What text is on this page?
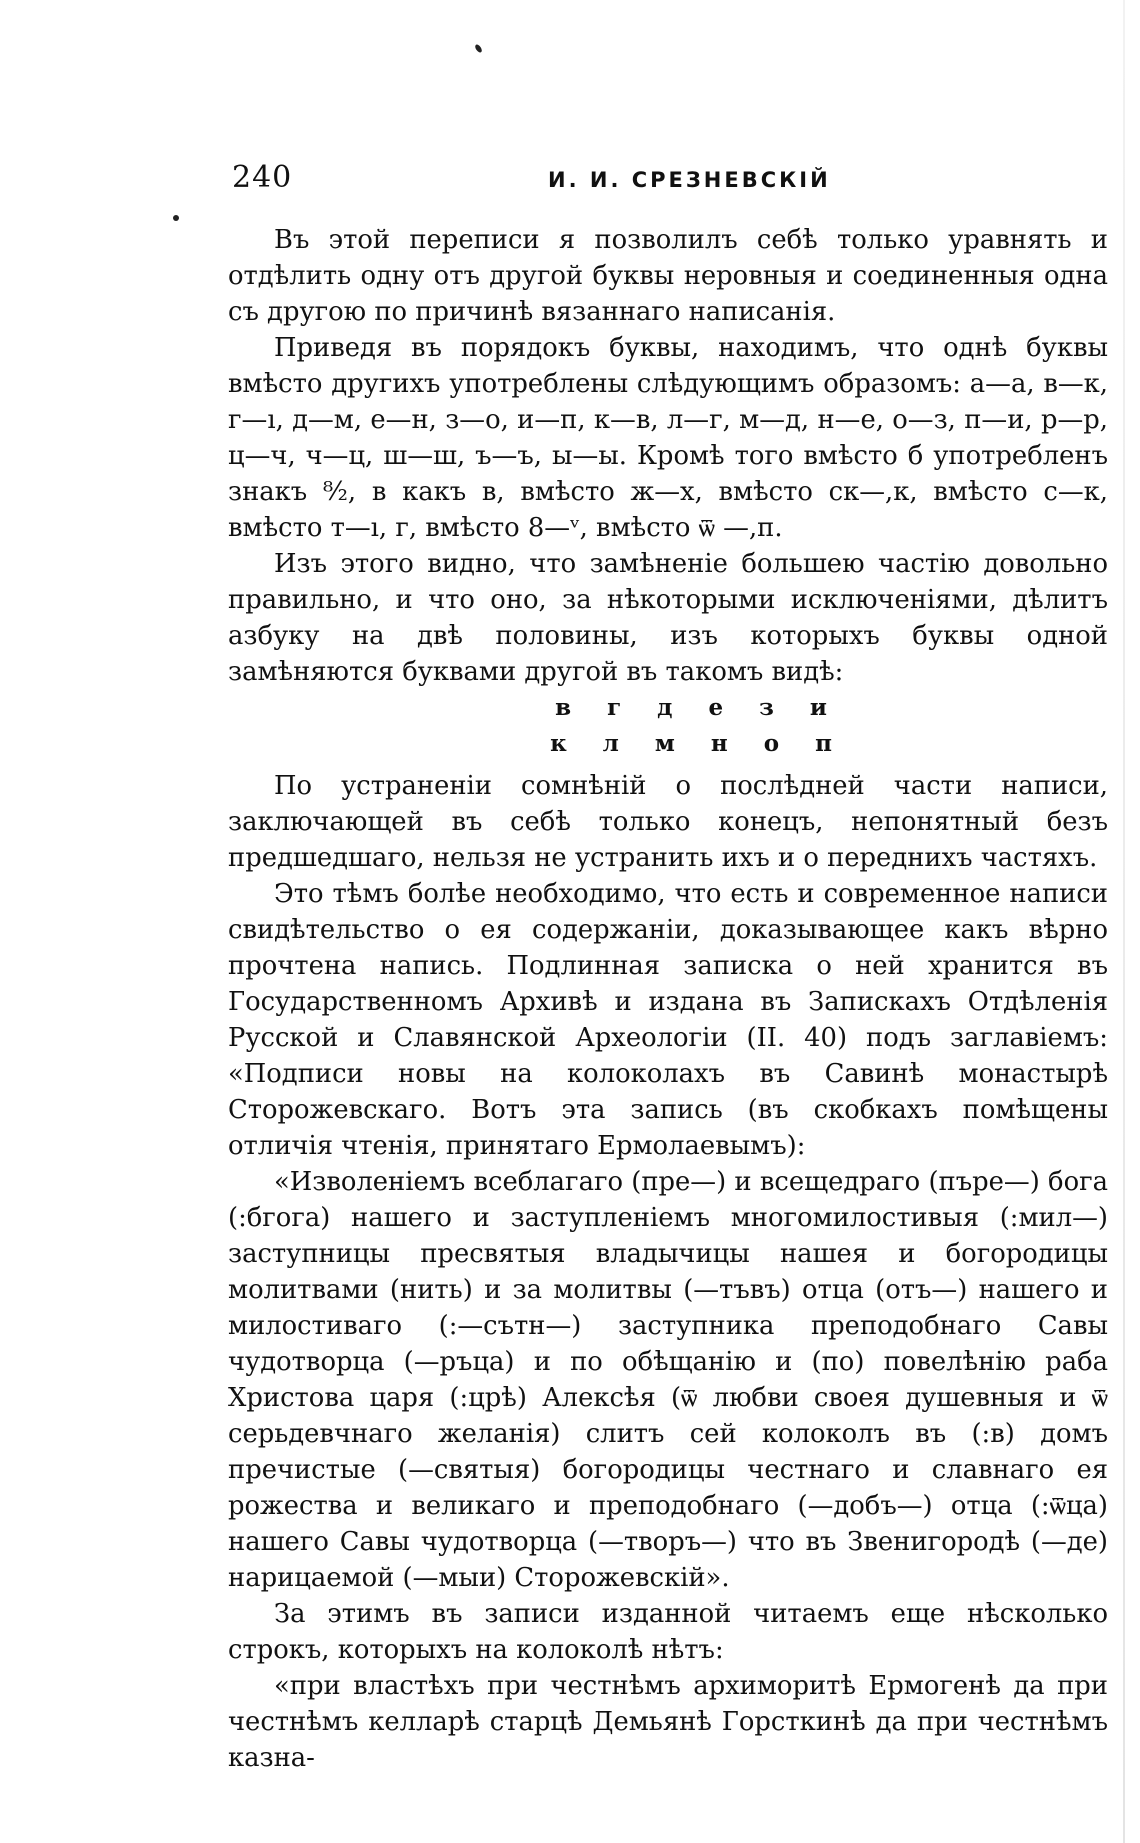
240	И. И. СРЕЗНЕВСКІЙ

Въ этой переписи я позволилъ себѣ только уравнять и отдѣлить одну отъ другой буквы неровныя и соединенныя одна съ другою по причинѣ вязаннаго написанія.

Приведя въ порядокъ буквы, находимъ, что однѣ буквы вмѣсто другихъ употреблены слѣдующимъ образомъ: а—а, в—к, г—ı, д—м, е—н, з—о, и—п, к—в, л—г, м—д, н—е, о—з, п—и, р—р, ц—ч, ч—ц, ш—ш, ъ—ъ, ы—ы. Кромѣ того вмѣсто б употребленъ знакъ ⁸⁄₂, в какъ в, вмѣсто ж—х, вмѣсто ск—,к, вмѣсто с—к, вмѣсто т—ı, г, вмѣсто 8—ᵛ, вмѣсто ѿ —,п.

Изъ этого видно, что замѣненіе большею частію довольно правильно, и что оно, за нѣкоторыми исключеніями, дѣлитъ азбуку на двѣ половины, изъ которыхъ буквы одной замѣняются буквами другой въ такомъ видѣ:

в г д е з и
к л м н о п

По устраненіи сомнѣній о послѣдней части написи, заключающей въ себѣ только конецъ, непонятный безъ предшедшаго, нельзя не устранить ихъ и о переднихъ частяхъ.

Это тѣмъ болѣе необходимо, что есть и современное написи свидѣтельство о ея содержаніи, доказывающее какъ вѣрно прочтена напись. Подлинная записка о ней хранится въ Государственномъ Архивѣ и издана въ Запискахъ Отдѣленія Русской и Славянской Археологіи (II. 40) подъ заглавіемъ: «Подписи новы на колоколахъ въ Савинѣ монастырѣ Сторожевскаго. Вотъ эта запись (въ скобкахъ помѣщены отличія чтенія, принятаго Ермолаевымъ):

«Изволеніемъ всеблагаго (пре—) и всещедраго (пъре—) бога (:бгога) нашего и заступленіемъ многомилостивыя (:мил—) заступницы пресвятыя владычицы нашея и богородицы молитвами (нить) и за молитвы (—тъвъ) отца (отъ—) нашего и милостиваго (:—сътн—) заступника преподобнаго Савы чудотворца (—ръца) и по обѣщанію и (по) повелѣнію раба Христова царя (:црѣ) Алексѣя (ѿ любви своея душевныя и ѿ серьдевчнаго желанія) слитъ сей колоколъ въ (:в) домъ пречистые (—святыя) богородицы честнаго и славнаго ея рожества и великаго и преподобнаго (—добъ—) отца (:ѿца) нашего Савы чудотворца (—творъ—) что въ Звенигородѣ (—де) нарицаемой (—мыи) Сторожевскій».

За этимъ въ записи изданной читаемъ еще нѣсколько строкъ, которыхъ на колоколѣ нѣтъ:

«при властѣхъ при честнѣмъ архиморитѣ Ермогенѣ да при честнѣмъ келларѣ старцѣ Демьянѣ Горсткинѣ да при честнѣмъ казна-
